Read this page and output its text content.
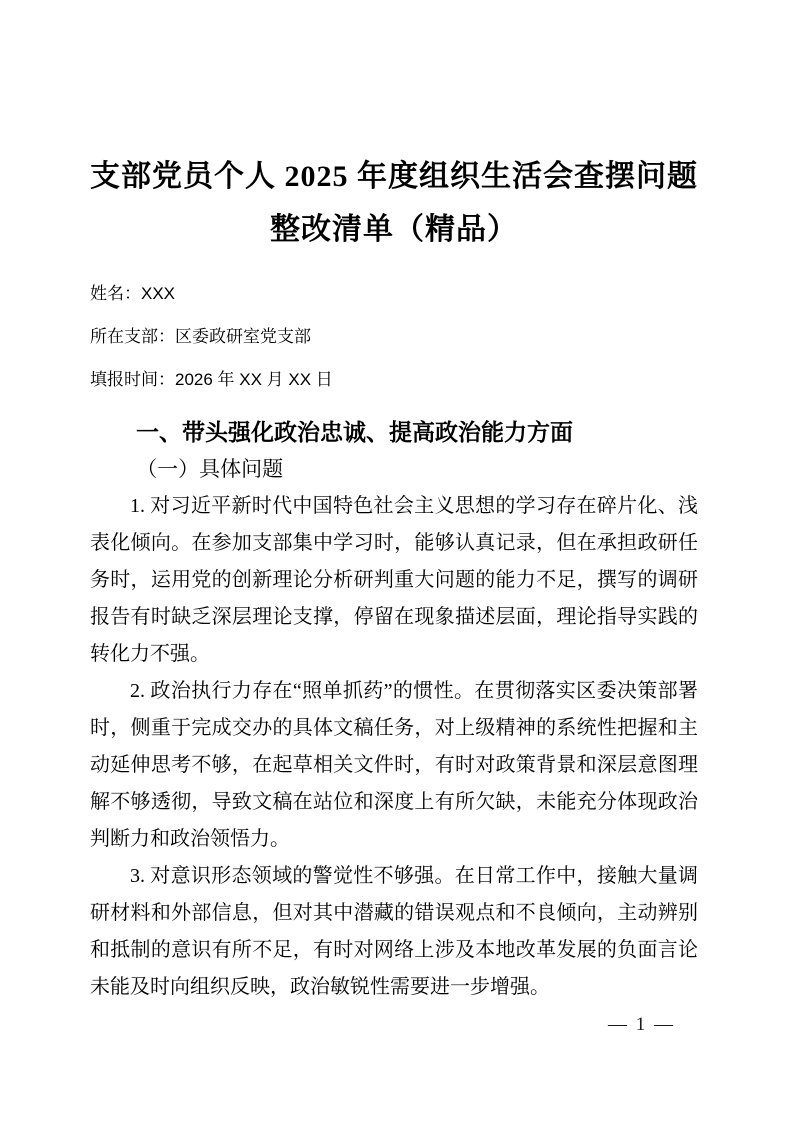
支部党员个人 2025 年度组织生活会查摆问题
整改清单（精品）
姓名：XXX
所在支部：区委政研室党支部
填报时间：2026 年 XX 月 XX 日
一、带头强化政治忠诚、提高政治能力方面
（一）具体问题

1. 对习近平新时代中国特色社会主义思想的学习存在碎片化、浅表化倾向。在参加支部集中学习时，能够认真记录，但在承担政研任务时，运用党的创新理论分析研判重大问题的能力不足，撰写的调研报告有时缺乏深层理论支撑，停留在现象描述层面，理论指导实践的转化力不强。

2. 政治执行力存在“照单抓药”的惯性。在贯彻落实区委决策部署时，侧重于完成交办的具体文稿任务，对上级精神的系统性把握和主动延伸思考不够，在起草相关文件时，有时对政策背景和深层意图理解不够透彻，导致文稿在站位和深度上有所欠缺，未能充分体现政治判断力和政治领悟力。

3. 对意识形态领域的警觉性不够强。在日常工作中，接触大量调研材料和外部信息，但对其中潜藏的错误观点和不良倾向，主动辨别和抵制的意识有所不足，有时对网络上涉及本地改革发展的负面言论未能及时向组织反映，政治敏锐性需要进一步增强。

— 1 —
